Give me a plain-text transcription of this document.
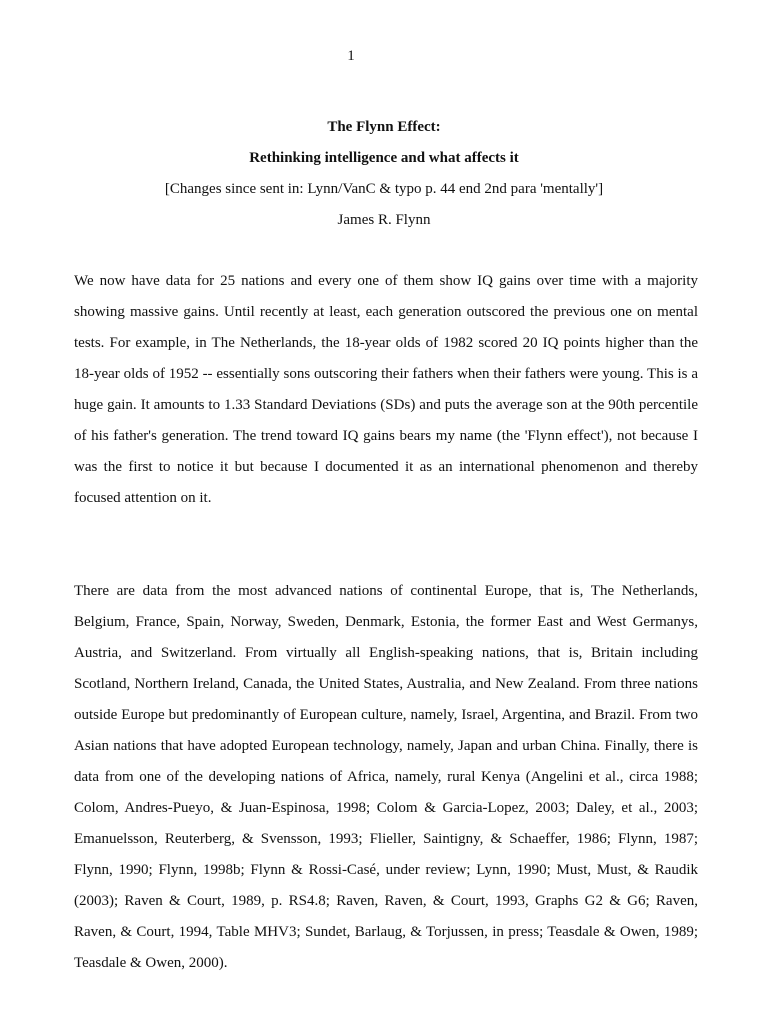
1
The Flynn Effect:
Rethinking intelligence and what affects it
[Changes since sent in: Lynn/VanC & typo p. 44 end 2nd para 'mentally']
James R. Flynn

We now have data for 25 nations and every one of them show IQ gains over time with a majority showing massive gains. Until recently at least, each generation outscored the previous one on mental tests. For example, in The Netherlands, the 18-year olds of 1982 scored 20 IQ points higher than the 18-year olds of 1952 -- essentially sons outscoring their fathers when their fathers were young. This is a huge gain. It amounts to 1.33 Standard Deviations (SDs) and puts the average son at the 90th percentile of his father's generation. The trend toward IQ gains bears my name (the 'Flynn effect'), not because I was the first to notice it but because I documented it as an international phenomenon and thereby focused attention on it.

There are data from the most advanced nations of continental Europe, that is, The Netherlands, Belgium, France, Spain, Norway, Sweden, Denmark, Estonia, the former East and West Germanys, Austria, and Switzerland. From virtually all English-speaking nations, that is, Britain including Scotland, Northern Ireland, Canada, the United States, Australia, and New Zealand. From three nations outside Europe but predominantly of European culture, namely, Israel, Argentina, and Brazil. From two Asian nations that have adopted European technology, namely, Japan and urban China. Finally, there is data from one of the developing nations of Africa, namely, rural Kenya (Angelini et al., circa 1988; Colom, Andres-Pueyo, & Juan-Espinosa, 1998; Colom & Garcia-Lopez, 2003; Daley, et al., 2003; Emanuelsson, Reuterberg, & Svensson, 1993; Flieller, Saintigny, & Schaeffer, 1986; Flynn, 1987; Flynn, 1990; Flynn, 1998b; Flynn & Rossi-Casé, under review; Lynn, 1990; Must, Must, & Raudik (2003); Raven & Court, 1989, p. RS4.8; Raven, Raven, & Court, 1993, Graphs G2 & G6; Raven, Raven, & Court, 1994, Table MHV3; Sundet, Barlaug, & Torjussen, in press; Teasdale & Owen, 1989; Teasdale & Owen, 2000).
